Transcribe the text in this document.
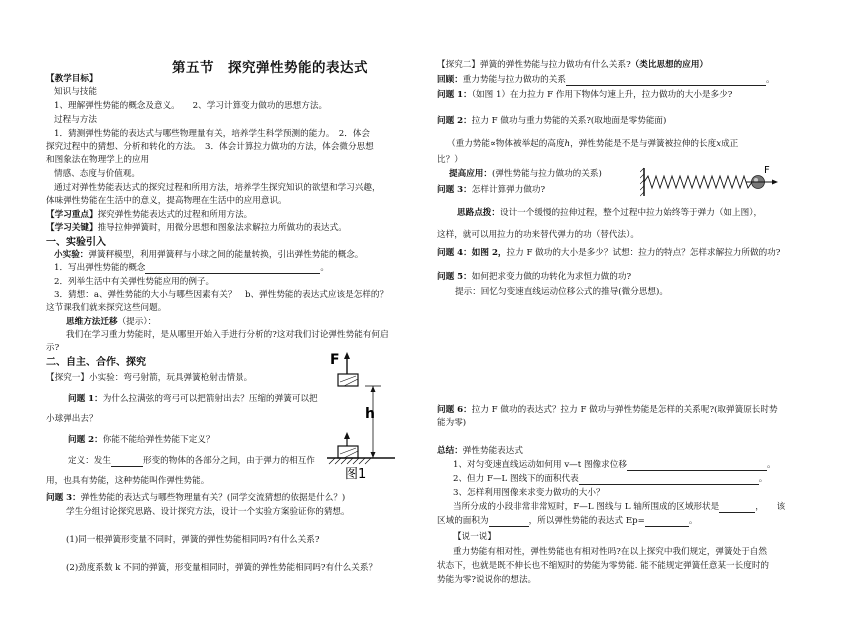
第五节　探究弹性势能的表达式
【教学目标】
知识与技能
1、理解弹性势能的概念及意义。　　2、学习计算变力做功的思想方法。
过程与方法
1．猜测弹性势能的表达式与哪些物理量有关，培养学生科学预测的能力。　2．体会
探究过程中的猜想、分析和转化的方法。　3．体会计算拉力做功的方法，体会微分思想
和图象法在物理学上的应用
情感、态度与价值观。
通过对弹性势能表达式的探究过程和所用方法，培养学生探究知识的欲望和学习兴趣，
体味弹性势能在生活中的意义，提高物理在生活中的应用意识。
【学习重点】探究弹性势能表达式的过程和所用方法。
【学习关键】推导拉伸弹簧时，用微分思想和图象法求解拉力所做功的表达式。
一、实验引入
小实验：弹簧秤模型，利用弹簧秤与小球之间的能量转换，引出弹性势能的概念。
1．写出弹性势能的概念	。
2．列举生活中有关弹性势能应用的例子。
3．猜想：a、弹性势能的大小与哪些因素有关？　b、弹性势能的表达式应该是怎样的？
这节课我们就来探究这些问题。
思维方法迁移（提示）：
我们在学习重力势能时，是从哪里开始入手进行分析的?这对我们讨论弹性势能有何启
示?
二、自主、合作、探究
【探究一】小实验：弯弓射箭，玩具弹簧枪射击情景。
问题 1：为什么拉满弦的弯弓可以把箭射出去？压缩的弹簧可以把
小球弹出去？
问题 2：你能不能给弹性势能下定义？
定义：发生	形变的物体的各部分之间，由于弹力的相互作
用，也具有势能，这种势能叫作弹性势能。
问题 3：弹性势能的表达式与哪些物理量有关？(同学交流猜想的依据是什么？)
学生分组讨论探究思路、设计探究方法，设计一个实验方案验证你的猜想。
(1)同一根弹簧形变量不同时，弹簧的弹性势能相同吗?有什么关系?
(2)劲度系数 k 不同的弹簧，形变量相同时，弹簧的弹性势能相同吗?有什么关系？
F
h
图1
【探究二】弹簧的弹性势能与拉力做功有什么关系?（类比思想的应用）
回顾：重力势能与拉力做功的关系	。
问题 1：（如图 1）在力拉力 F 作用下物体匀速上升，拉力做功的大小是多少?
问题 2：拉力 F 做功与重力势能的关系?(取地面是零势能面)
（重力势能∝物体被举起的高度h，弹性势能是不是与弹簧被拉伸的长度x成正
比？）
提高应用：(弹性势能与拉力做功的关系)
问题 3：怎样计算弹力做功?
思路点拨：设计一个缓慢的拉伸过程，整个过程中拉力始终等于弹力（如上图），
这样，就可以用拉力的功来替代弹力的功（替代法）。
问题 4：如图 2，拉力 F 做功的大小是多少？试想：拉力的特点？怎样求解拉力所做的功?
问题 5：如何把求变力做的功转化为求恒力做的功?
提示：回忆匀变速直线运动位移公式的推导(微分思想)。
问题 6：拉力 F 做功的表达式？拉力 F 做功与弹性势能是怎样的关系呢?(取弹簧原长时势
能为零)
总结：弹性势能表达式
1、对匀变速直线运动如何用 v—t 图像求位移	。
2、但力 F—L 图线下的面积代表	。
3、怎样利用图像来求变力做功的大小？
当所分成的小段非常非常短时，F—L 图线与 L 轴所围成的区域形状是	，　　该
区域的面积为	，所以弹性势能的表达式 Ep=	。
【说一说】
重力势能有相对性，弹性势能也有相对性吗?在以上探究中我们规定，弹簧处于自然
状态下，也就是既不伸长也不缩短时的势能为零势能. 能不能规定弹簧任意某一长度时的
势能为零?说说你的想法。
F
